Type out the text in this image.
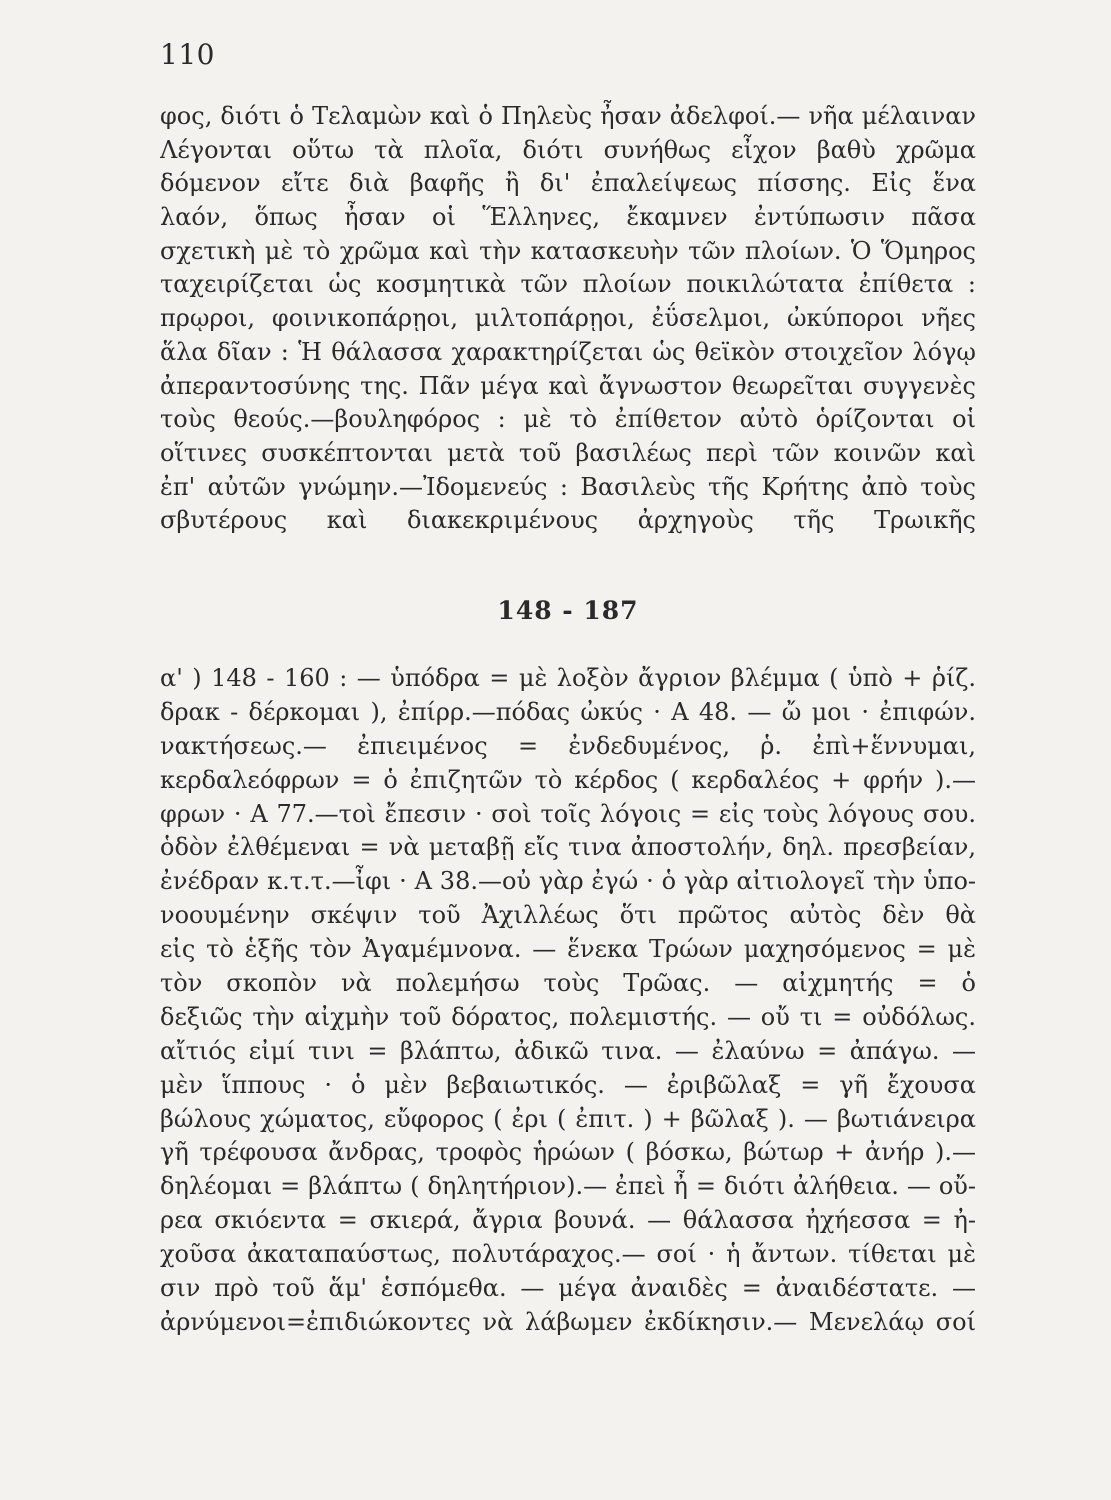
110
φος, διότι ὁ Τελαμὼν καὶ ὁ Πηλεὺς ἦσαν ἀδελφοί.— νῆα μέλαιναν
Λέγονται οὕτω τὰ πλοῖα, διότι συνήθως εἶχον βαθὺ χρῶμα
δόμενον εἴτε διὰ βαφῆς ἢ δι' ἐπαλείψεως πίσσης. Εἰς ἕνα
λαόν, ὅπως ἦσαν οἱ Ἕλληνες, ἔκαμνεν ἐντύπωσιν πᾶσα
σχετικὴ μὲ τὸ χρῶμα καὶ τὴν κατασκευὴν τῶν πλοίων. Ὁ Ὅμηρος
ταχειρίζεται ὡς κοσμητικὰ τῶν πλοίων ποικιλώτατα ἐπίθετα :
πρῳροι, φοινικοπάρῃοι, μιλτοπάρῃοι, ἐΰσελμοι, ὠκύποροι νῆες
ἅλα δῖαν : Ἡ θάλασσα χαρακτηρίζεται ὡς θεϊκὸν στοιχεῖον λόγῳ
ἀπεραντοσύνης της. Πᾶν μέγα καὶ ἄγνωστον θεωρεῖται συγγενὲς
τοὺς θεούς.—βουληφόρος : μὲ τὸ ἐπίθετον αὐτὸ ὁρίζονται οἱ
οἵτινες συσκέπτονται μετὰ τοῦ βασιλέως περὶ τῶν κοινῶν καὶ
ἐπ' αὐτῶν γνώμην.—Ἰδομενεύς : Βασιλεὺς τῆς Κρήτης ἀπὸ τοὺς
σβυτέρους καὶ διακεκριμένους ἀρχηγοὺς τῆς Τρωικῆς
148 - 187
α' ) 148 - 160 : — ὑπόδρα = μὲ λοξὸν ἄγριον βλέμμα ( ὑπὸ + ῥίζ.
δρακ - δέρκομαι ), ἐπίρρ.—πόδας ὠκύς · Α 48. — ὤ μοι · ἐπιφών.
νακτήσεως.— ἐπιειμένος = ἐνδεδυμένος, ῥ. ἐπὶ+ἕννυμαι,
κερδαλεόφρων = ὁ ἐπιζητῶν τὸ κέρδος ( κερδαλέος + φρήν ).—
φρων · Α 77.—τοὶ ἔπεσιν · σοὶ τοῖς λόγοις = εἰς τοὺς λόγους σου.
ὁδὸν ἐλθέμεναι = νὰ μεταβῇ εἴς τινα ἀποστολήν, δηλ. πρεσβείαν,
ἐνέδραν κ.τ.τ.—ἶφι · Α 38.—οὐ γὰρ ἐγώ · ὁ γὰρ αἰτιολογεῖ τὴν ὑπο-
νοουμένην σκέψιν τοῦ Ἀχιλλέως ὅτι πρῶτος αὐτὸς δὲν θὰ
εἰς τὸ ἑξῆς τὸν Ἀγαμέμνονα. — ἕνεκα Τρώων μαχησόμενος = μὲ
τὸν σκοπὸν νὰ πολεμήσω τοὺς Τρῶας. — αἰχμητής = ὁ
δεξιῶς τὴν αἰχμὴν τοῦ δόρατος, πολεμιστής. — οὔ τι = οὐδόλως.
αἴτιός εἰμί τινι = βλάπτω, ἀδικῶ τινα. — ἐλαύνω = ἀπάγω. —
μὲν ἵππους · ὁ μὲν βεβαιωτικός. — ἐριβῶλαξ = γῆ ἔχουσα
βώλους χώματος, εὔφορος ( ἐρι ( ἐπιτ. ) + βῶλαξ ). — βωτιάνειρα
γῆ τρέφουσα ἄνδρας, τροφὸς ἡρώων ( βόσκω, βώτωρ + ἀνήρ ).—
δηλέομαι = βλάπτω ( δηλητήριον).— ἐπεὶ ἦ = διότι ἀλήθεια. — οὔ-
ρεα σκιόεντα = σκιερά, ἄγρια βουνά. — θάλασσα ἠχήεσσα = ἠ-
χοῦσα ἀκαταπαύστως, πολυτάραχος.— σοί · ἡ ἄντων. τίθεται μὲ
σιν πρὸ τοῦ ἅμ' ἑσπόμεθα. — μέγα ἀναιδὲς = ἀναιδέστατε. —
ἀρνύμενοι=ἐπιδιώκοντες νὰ λάβωμεν ἐκδίκησιν.— Μενελάῳ σοί
